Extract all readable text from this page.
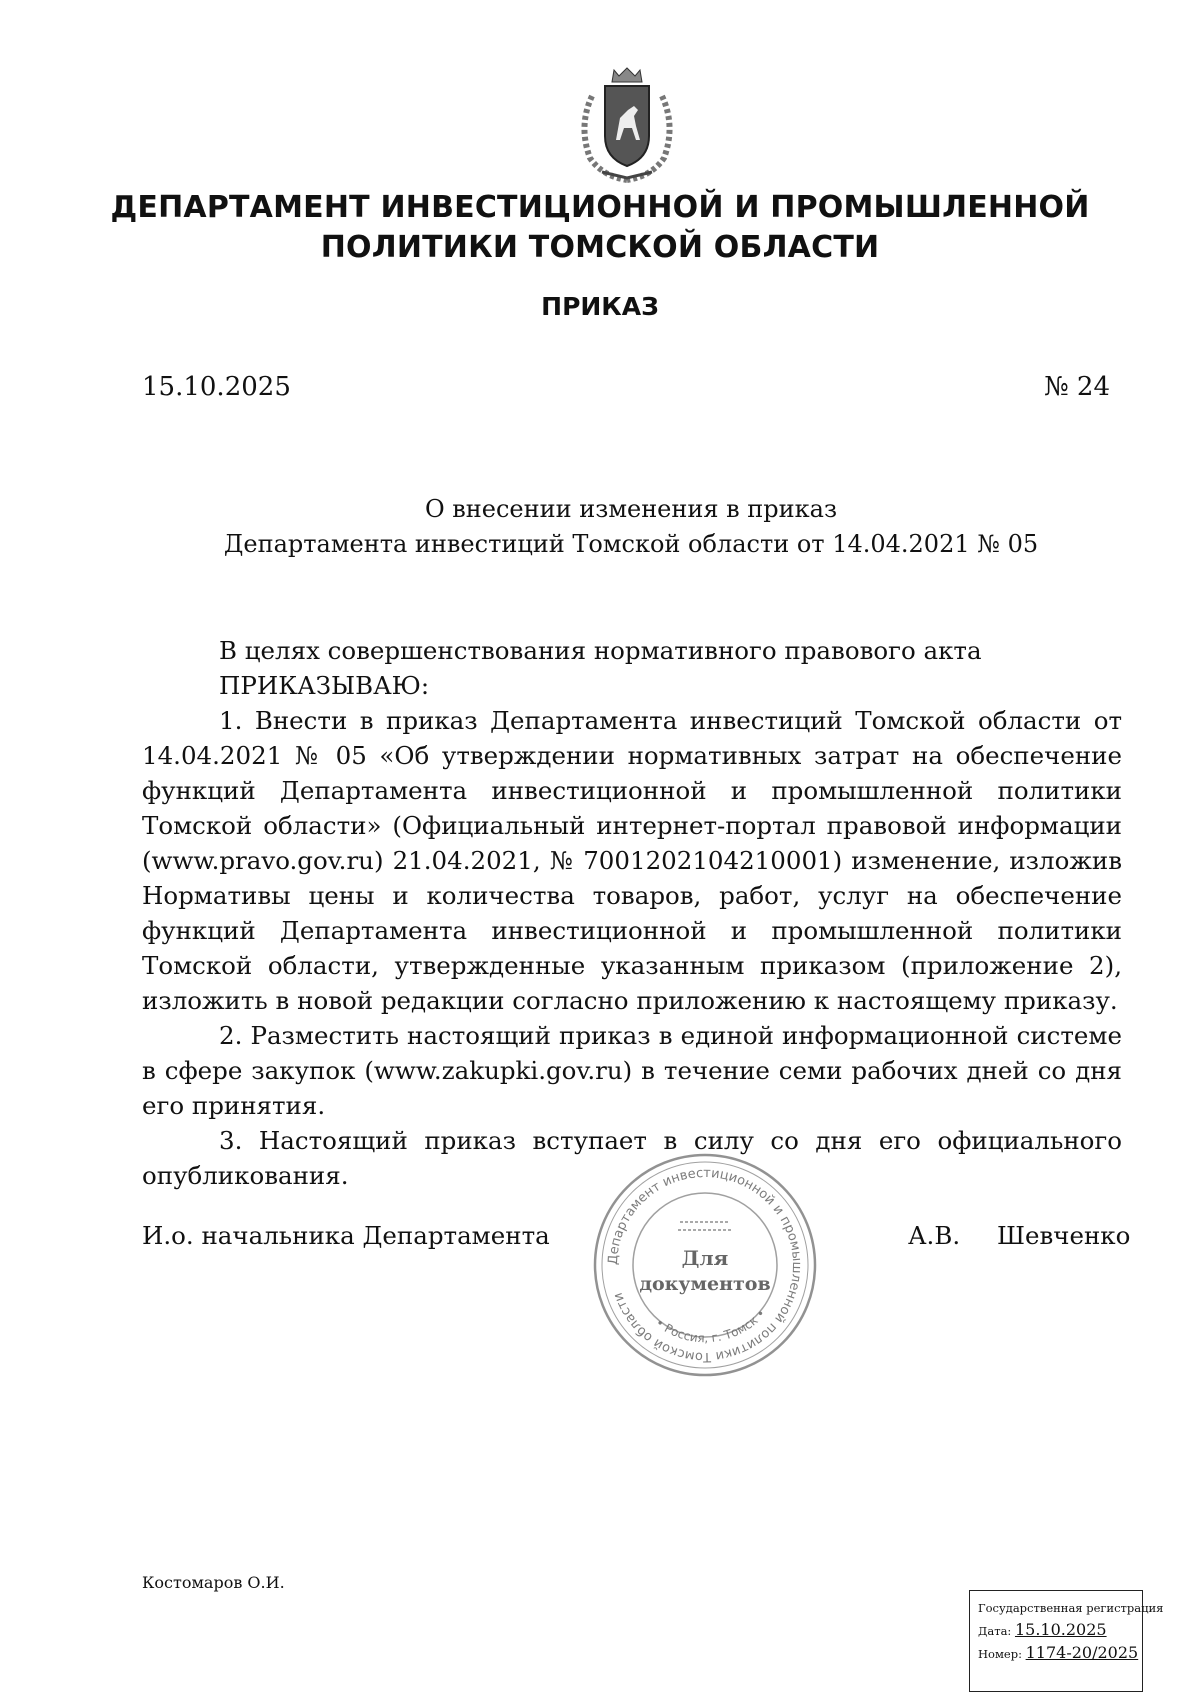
ДЕПАРТАМЕНТ ИНВЕСТИЦИОННОЙ И ПРОМЫШЛЕННОЙ
ПОЛИТИКИ ТОМСКОЙ ОБЛАСТИ
ПРИКАЗ
15.10.2025	№ 24
О внесении изменения в приказ
Департамента инвестиций Томской области от 14.04.2021 № 05

В целях совершенствования нормативного правового акта

ПРИКАЗЫВАЮ:

1. Внести в приказ Департамента инвестиций Томской области от 14.04.2021 № 05 «Об утверждении нормативных затрат на обеспечение функций Департамента инвестиционной и промышленной политики Томской области» (Официальный интернет-портал правовой информации (www.pravo.gov.ru) 21.04.2021, № 7001202104210001) изменение, изложив Нормативы цены и количества товаров, работ, услуг на обеспечение функций Департамента инвестиционной и промышленной политики Томской области, утвержденные указанным приказом (приложение 2), изложить в новой редакции согласно приложению к настоящему приказу.

2. Разместить настоящий приказ в единой информационной системе в сфере закупок (www.zakupki.gov.ru) в течение семи рабочих дней со дня его принятия.

3. Настоящий приказ вступает в силу со дня его официального опубликования.

И.о. начальника Департамента	А.В. Шевченко
Департамент инвестиционной и промышленной политики Томской области
• Россия, г. Томск •
Для
документов
Костомаров О.И.
Государственная регистрация
Дата: 15.10.2025
Номер: 1174-20/2025
